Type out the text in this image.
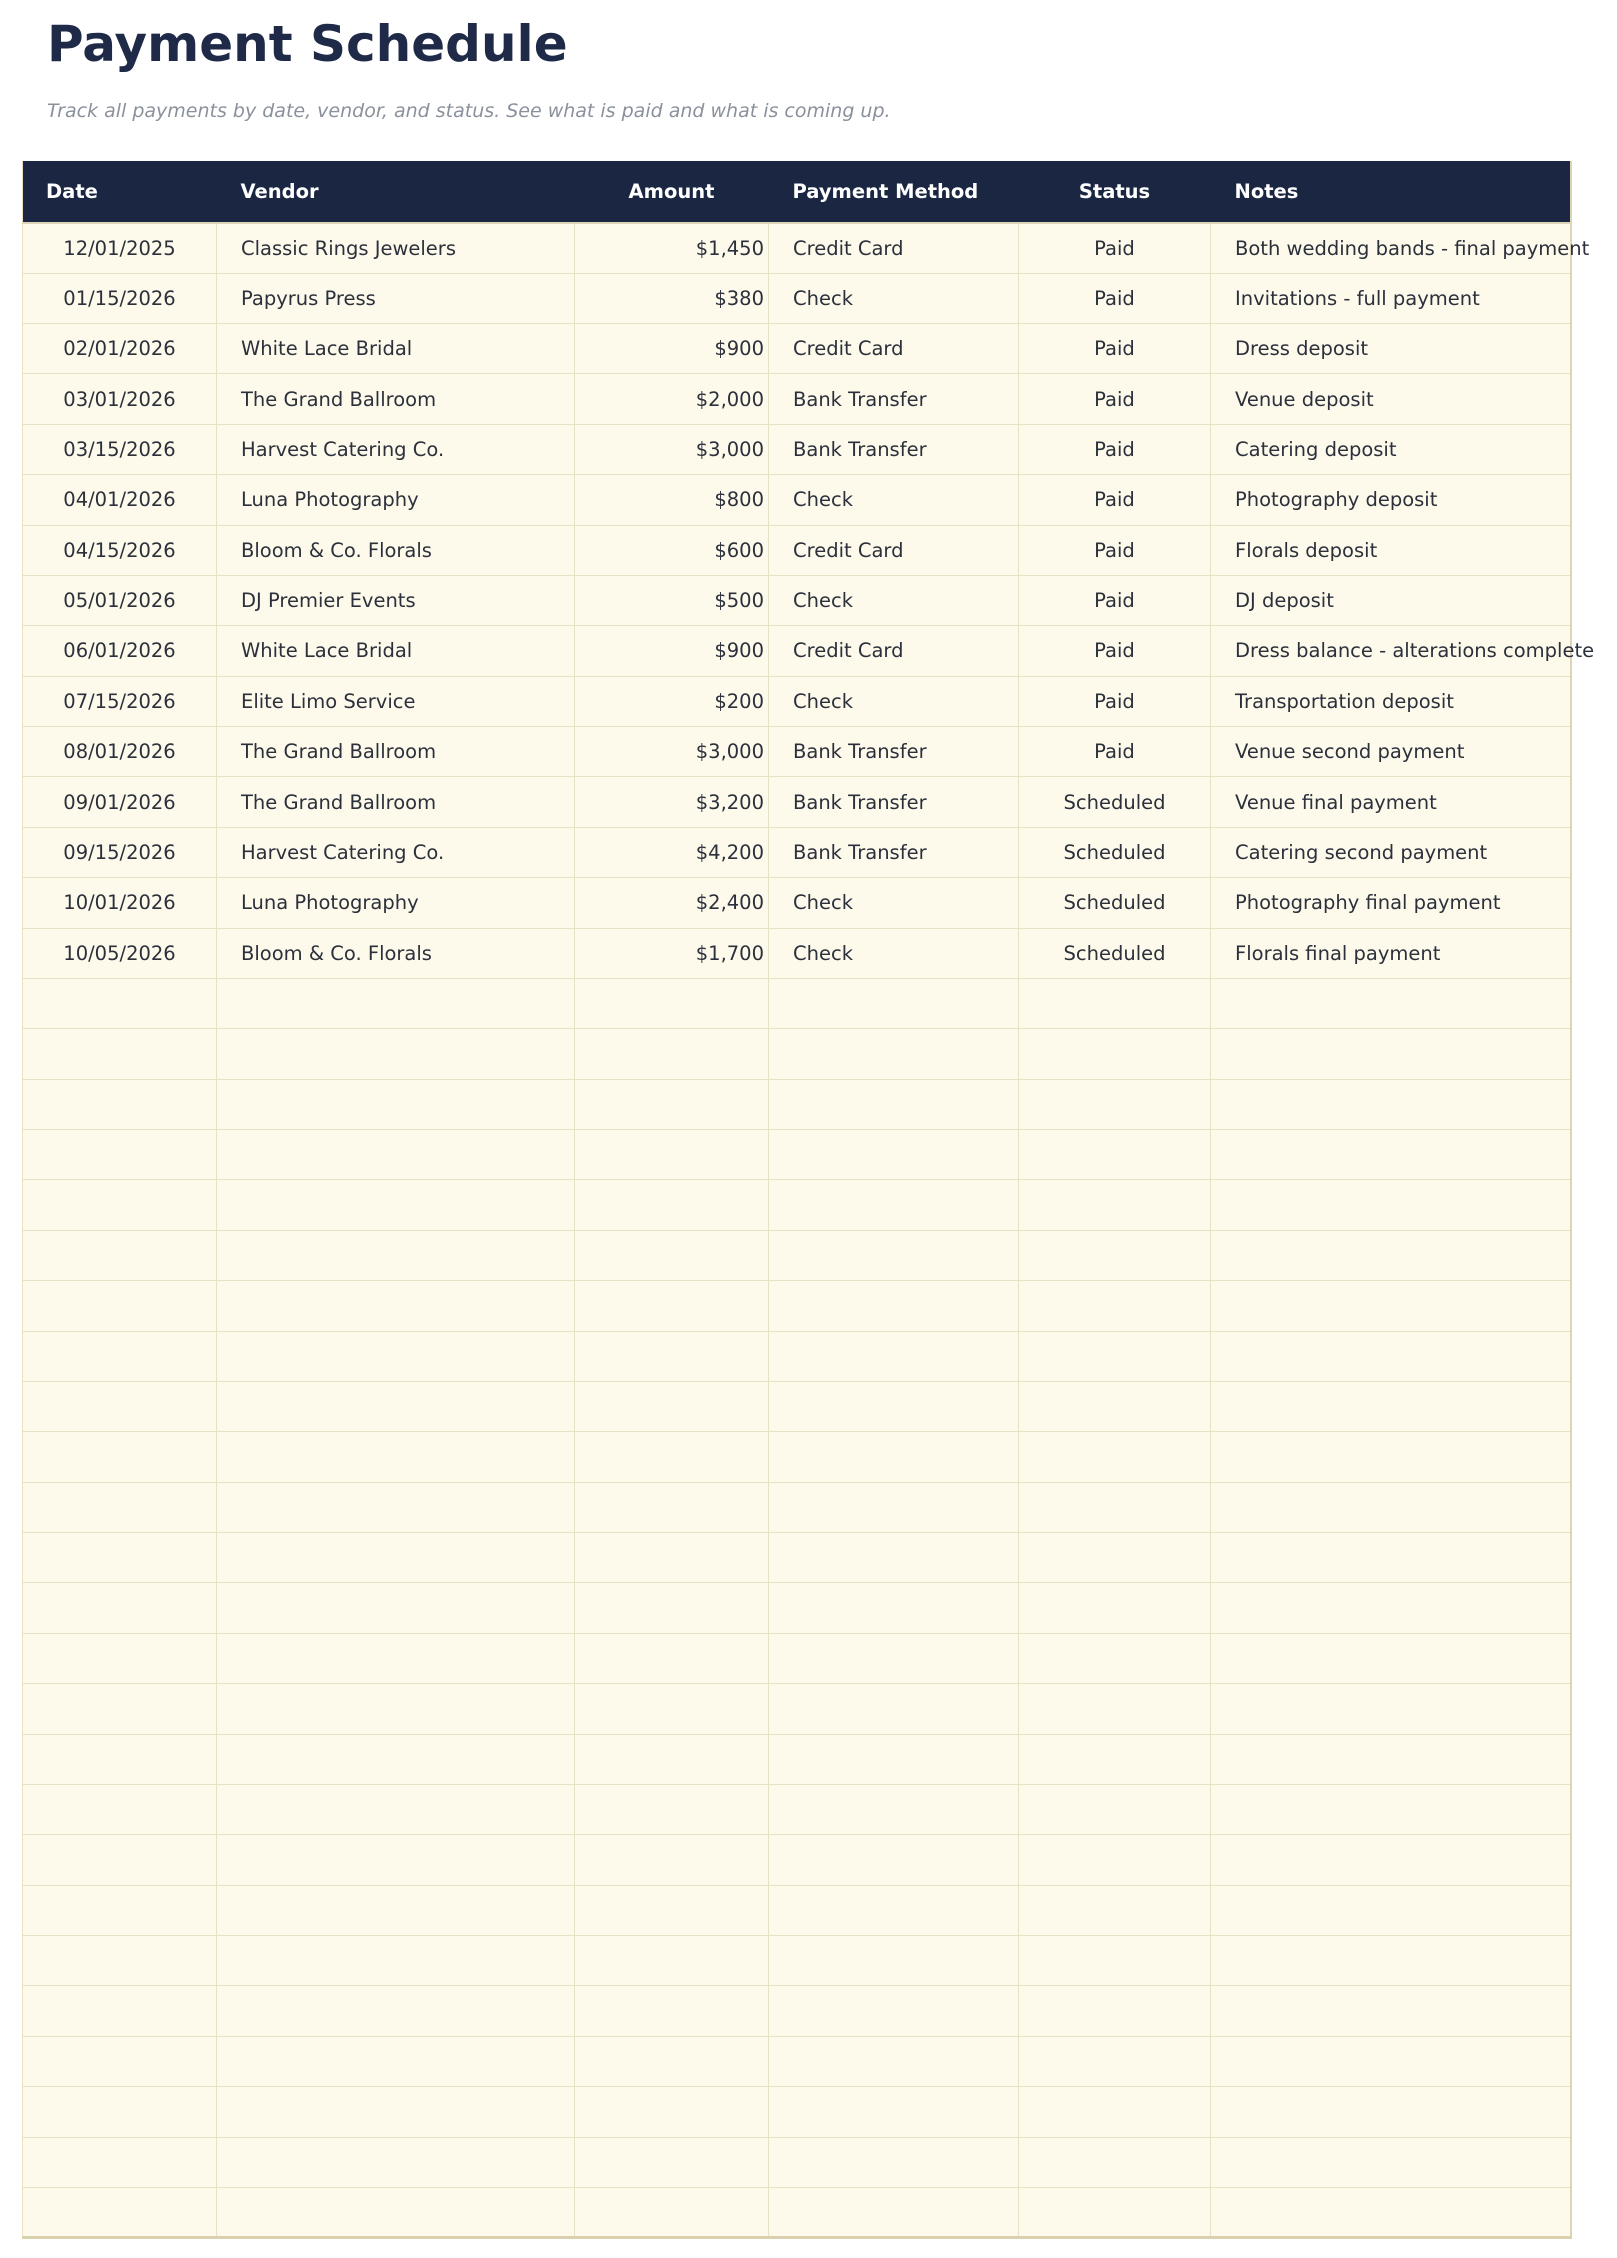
Payment Schedule

Track all payments by date, vendor, and status. See what is paid and what is coming up.

Date	Vendor	Amount	Payment Method	Status	Notes
12/01/2025	Classic Rings Jewelers	$1,450	Credit Card	Paid	Both wedding bands - final payment
01/15/2026	Papyrus Press	$380	Check	Paid	Invitations - full payment
02/01/2026	White Lace Bridal	$900	Credit Card	Paid	Dress deposit
03/01/2026	The Grand Ballroom	$2,000	Bank Transfer	Paid	Venue deposit
03/15/2026	Harvest Catering Co.	$3,000	Bank Transfer	Paid	Catering deposit
04/01/2026	Luna Photography	$800	Check	Paid	Photography deposit
04/15/2026	Bloom & Co. Florals	$600	Credit Card	Paid	Florals deposit
05/01/2026	DJ Premier Events	$500	Check	Paid	DJ deposit
06/01/2026	White Lace Bridal	$900	Credit Card	Paid	Dress balance - alterations complete
07/15/2026	Elite Limo Service	$200	Check	Paid	Transportation deposit
08/01/2026	The Grand Ballroom	$3,000	Bank Transfer	Paid	Venue second payment
09/01/2026	The Grand Ballroom	$3,200	Bank Transfer	Scheduled	Venue final payment
09/15/2026	Harvest Catering Co.	$4,200	Bank Transfer	Scheduled	Catering second payment
10/01/2026	Luna Photography	$2,400	Check	Scheduled	Photography final payment
10/05/2026	Bloom & Co. Florals	$1,700	Check	Scheduled	Florals final payment
